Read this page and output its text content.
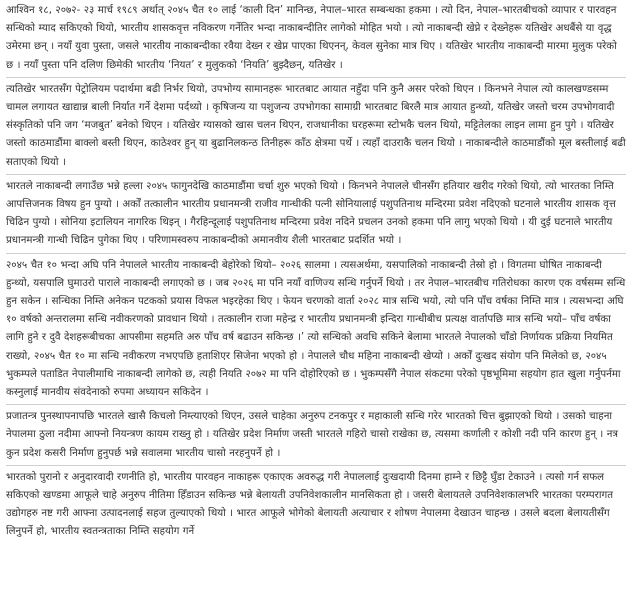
आश्विन १८, २०७२- २३ मार्च १९८९ अर्थात् २०४५ चैत १० लाई ‘काली दिन’ मानिन्छ, नेपाल–भारत सम्बन्धका हकमा । त्यो दिन, नेपाल–भारतबीचको व्यापार र पारवहन सन्धिको म्याद सकिएको थियो, भारतीय शासकवृत्त नविकरण गर्नेतिर भन्दा नाकाबन्दीतिर लागेको मोहित भयो । त्यो नाकाबन्दी खेप्ने र देख्नेहरू यतिखेर अधबैंसे या वृद्ध उमेरमा छन् । नयाँ युवा पुस्ता, जसले भारतीय नाकाबन्दीका रवैया देख्न र खेप्न पाएका थिएनन्, केवल सुनेका मात्र थिए । यतिखेर भारतीय नाकाबन्दी मारमा मुलुक परेको छ । नयाँ पुस्ता पनि दलिण छिमेकी भारतीय ‘नियत’ र मुलुकको ‘नियति’ बुझ्दैछन्, यतिखेर ।

त्यतिखेर भारतसँग पेट्रोलियम पदार्थमा बढी निर्भर थियो, उपभोग्य सामानहरू भारतबाट आयात नहुँदा पनि कुनै असर परेको थिएन । किनभने नेपाल त्यो कालखण्डसम्म चामल लगायत खाद्यान्न बाली निर्यात गर्ने देशमा पर्दथ्यो । कृषिजन्य या पशुजन्य उपभोगका सामाग्री भारतबाट बिरलै मात्र आयात हुन्थ्यो, यतिखेर जस्तो चरम उपभोगवादी संस्कृतिको पनि जग ‘मजबुत’ बनेको थिएन । यतिखेर ग्यासको खास चलन थिएन, राजधानीका घरहरूमा स्टोभकै चलन थियो, मट्टितेलका लाइन लामा हुन पुगे । यतिखेर जस्तो काठमाडौंमा बाक्लो बस्ती थिएन, काठेश्वर हुन् या बुढानिलकन्ठ तिनीहरू काँठ क्षेत्रमा पर्थे । त्यहाँ दाउराकै चलन थियो । नाकाबन्दीले काठमाडौंको मूल बस्तीलाई बढी सताएको थियो ।

भारतले नाकाबन्दी लगाउँछ भन्ने हल्ला २०४५ फागुनदेखि काठमाडौंमा चर्चा शुरु भएको थियो । किनभने नेपालले चीनसँग हतियार खरीद गरेको थियो, त्यो भारतका निम्ति आपत्तिजनक विषय हुन पुग्यो । अर्कों तत्कालीन भारतीय प्रधानमन्त्री राजीव गान्धीकी पत्नी सोनियालाई पशुपतिनाथ मन्दिरमा प्रवेश नदिएको घटनाले भारतीय शासक वृत्त चिढिन पुग्यो । सोनिया इटालियन नागरिक थिइन् । गैरहिन्दूलाई पशुपतिनाथ मन्दिरमा प्रवेश नदिने प्रचलन उनको हकमा पनि लागु भएको थियो । यी दुई घटनाले भारतीय प्रधानमन्त्री गान्धी चिढिन पुगेका थिए । परिणामस्वरुप नाकाबन्दीको अमानवीय शैली भारतबाट प्रदर्शित भयो ।

२०४५ चैत १० भन्दा अघि पनि नेपालले भारतीय नाकाबन्दी बेहोरेको थियो– २०२६ सालमा । त्यसअर्थमा, यसपालिको नाकाबन्दी तेस्रो हो । विगतमा घोषित नाकाबन्दी हुन्थ्यो, यसपालि घुमाउरो पाराले नाकाबन्दी लगाएको छ । जब २०२६ मा पनि नयाँ वाणिज्य सन्धि गर्नुपर्ने थियो । तर नेपाल–भारतबीच गतिरोधका कारण एक वर्षसम्म सन्धि हुन सकेन । सन्धिका निम्ति अनेकन पटकको प्रयास विफल भइरहेका थिए । फेयन चरणको वार्ता २०२८ मात्र सन्धि भयो, त्यो पनि पाँच वर्षका निम्ति मात्र । त्यसभन्दा अघि १० वर्षको अन्तरालमा सन्धि नवीकरणको प्रावधान थियो । तत्कालीन राजा महेन्द्र र भारतीय प्रधानमन्त्री इन्दिरा गान्धीबीच प्रत्यक्ष वार्तापछि मात्र सन्धि भयो– पाँच वर्षका लागि हुने र दुवै देशहरूबीचका आपसीमा सहमति अरु पाँच वर्ष बढाउन सकिन्छ ।’ त्यो सन्धिको अवधि सकिने बेलामा भारतले नेपालको चाँडो निर्णायक प्रक्रिया नियमित राख्यो, २०४५ चैत १० मा सन्धि नवीकरण नभएपछि हताशिएर सिजेना भएको हो । नेपालले चौध महिना नाकाबन्दी खेप्यो । अर्कों दुःखद संयोग पनि मिलेको छ, २०४५ भुकम्पले पताडित नेपालीमाथि नाकाबन्दी लागेको छ, त्यही नियति २०७२ मा पनि दोहोरिएको छ । भुकम्पसँगै नेपाल संकटमा परेको पृष्ठभूमिमा सहयोग हात खुला गर्नुपर्नमा कस्नुलाई मानवीय संवदेनाको रुपमा अध्यायन सकिदेन ।

प्रजातन्त्र पुनस्थापनापछि भारतले खासै किचलो निम्त्याएको थिएन, उसले चाहेका अनुरुप टनकपुर र महाकाली सन्धि गरेर भारतको चित्त बुझाएको थियो । उसको चाहना नेपालमा ठुला नदीमा आफ्नो नियन्त्रण कायम राख्नु हो । यतिखेर प्रदेश निर्माण जस्ती भारतले गहिरो चासो राखेका छ, त्यसमा कर्णाली र कोशी नदी पनि कारण हुन् । नत्र कुन प्रदेश कसरी निर्माण हुनुपर्छ भन्ने सवालमा भारतीय चासो नरहनुपर्ने हो ।

भारतको पुरानो र अनुदारवादी रणनीति हो, भारतीय पारवहन नाकाहरू एकाएक अवरुद्ध गरी नेपाललाई दुःखदायी दिनमा हाम्ने र छिट्टै घुँडा टेकाउने । त्यसो गर्न सफल सकिएको खण्डमा आफूले चाहे अनुरुप नीतिमा हिँडाउन सकिन्छ भन्ने बेलायती उपनिवेशकालीन मानसिकता हो । जसरी बेलायतले उपनिवेशकालभरि भारतका परम्परागत उद्योगहरु नष्ट गरी आफ्ना उत्पादनलाई सहज तुल्याएको थियो । भारत आफूले भोगेको बेलायती अत्याचार र शोषण नेपालमा देखाउन चाहन्छ । उसले बदला बेलायतीसँग लिनुपर्ने हो, भारतीय स्वतन्त्रताका निम्ति सहयोग गर्ने
